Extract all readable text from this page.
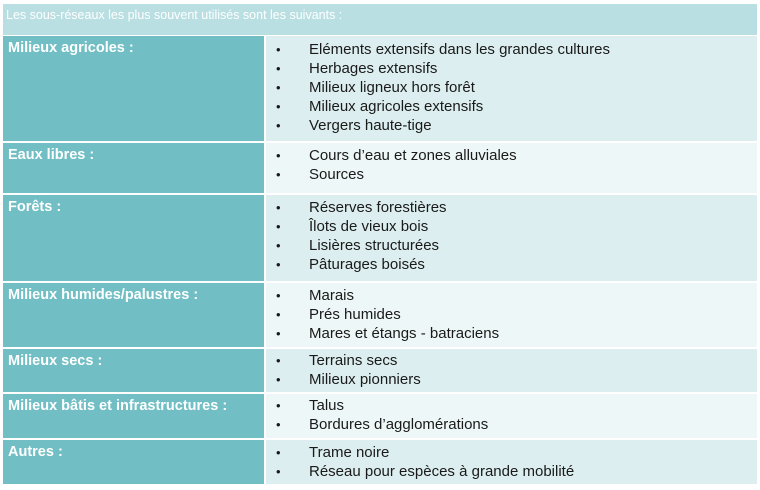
Les sous-réseaux les plus souvent utilisés sont les suivants :
Milieux agricoles :	• Eléments extensifs dans les grandes cultures
• Herbages extensifs
• Milieux ligneux hors forêt
• Milieux agricoles extensifs
• Vergers haute-tige
Eaux libres :	• Cours d’eau et zones alluviales
• Sources
Forêts :	• Réserves forestières
• Îlots de vieux bois
• Lisières structurées
• Pâturages boisés
Milieux humides/palustres :	• Marais
• Prés humides
• Mares et étangs - batraciens
Milieux secs :	• Terrains secs
• Milieux pionniers
Milieux bâtis et infrastructures :	• Talus
• Bordures d’agglomérations
Autres :	• Trame noire
• Réseau pour espèces à grande mobilité
